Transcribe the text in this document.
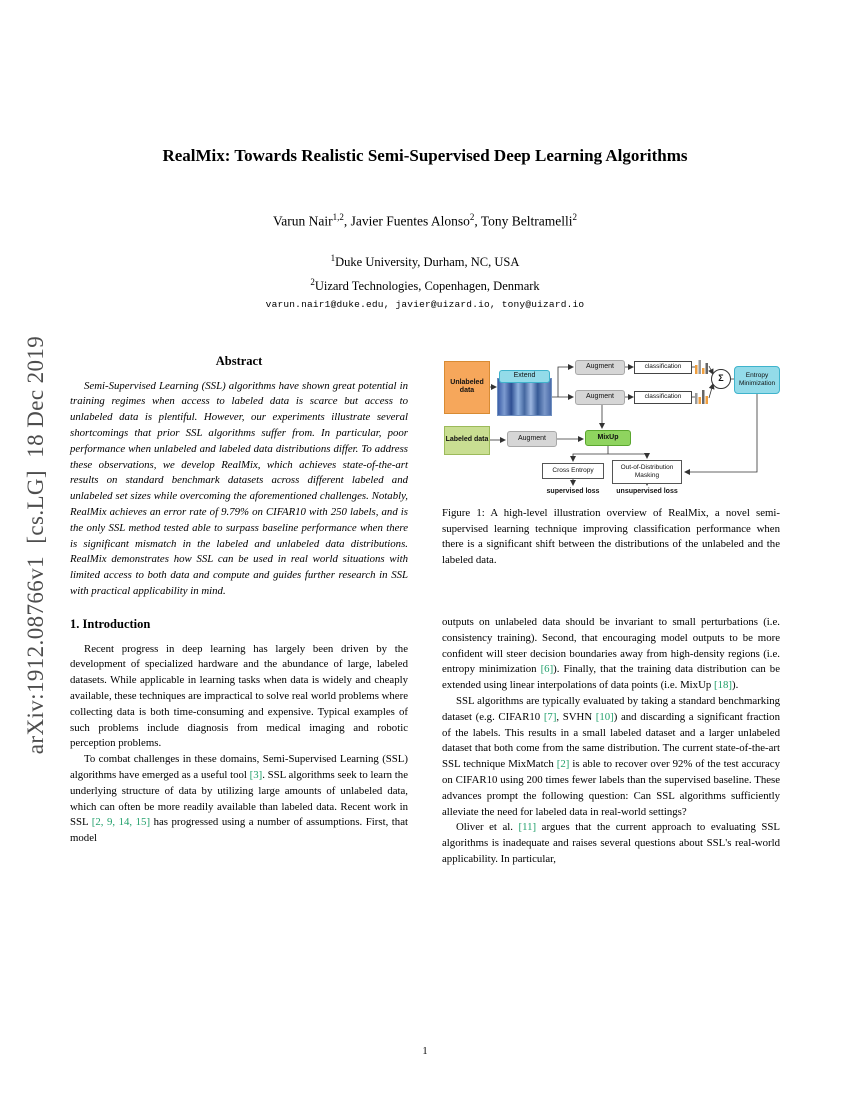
arXiv:1912.08766v1  [cs.LG]  18 Dec 2019
RealMix: Towards Realistic Semi-Supervised Deep Learning Algorithms
Varun Nair$^{1,2}$, Javier Fuentes Alonso$^2$, Tony Beltramelli$^2$
$^1$Duke University, Durham, NC, USA
$^2$Uizard Technologies, Copenhagen, Denmark
varun.nair1@duke.edu, javier@uizard.io, tony@uizard.io
Abstract

Semi-Supervised Learning (SSL) algorithms have shown great potential in training regimes when access to labeled data is scarce but access to unlabeled data is plentiful. However, our experiments illustrate several shortcomings that prior SSL algorithms suffer from. In particular, poor performance when unlabeled and labeled data distributions differ. To address these observations, we develop RealMix, which achieves state-of-the-art results on standard benchmark datasets across different labeled and unlabeled set sizes while overcoming the aforementioned challenges. Notably, RealMix achieves an error rate of 9.79% on CIFAR10 with 250 labels, and is the only SSL method tested able to surpass baseline performance when there is significant mismatch in the labeled and unlabeled data distributions. RealMix demonstrates how SSL can be used in real world situations with limited access to both data and compute and guides further research in SSL with practical applicability in mind.

1. Introduction

Recent progress in deep learning has largely been driven by the development of specialized hardware and the abundance of large, labeled datasets. While applicable in learning tasks when data is widely and cheaply available, these techniques are impractical to solve real world problems where collecting data is both time-consuming and expensive. Typical examples of such problems include diagnosis from medical imaging and robotic perception problems.

To combat challenges in these domains, Semi-Supervised Learning (SSL) algorithms have emerged as a useful tool [3]. SSL algorithms seek to learn the underlying structure of data by utilizing large amounts of unlabeled data, which can often be more readily available than labeled data. Recent work in SSL [2, 9, 14, 15] has progressed using a number of assumptions. First, that model

Unlabeled data
Labeled data
Extend
Augment
Augment
Augment
classification
classification
Σ	Entropy Minimization
MixUp
Cross Entropy	Out-of-Distribution Masking
supervised loss	unsupervised loss

Figure 1: A high-level illustration overview of RealMix, a novel semi-supervised learning technique improving classification performance when there is a significant shift between the distributions of the unlabeled and the labeled data.

outputs on unlabeled data should be invariant to small perturbations (i.e. consistency training). Second, that encouraging model outputs to be more confident will steer decision boundaries away from high-density regions (i.e. entropy minimization [6]). Finally, that the training data distribution can be extended using linear interpolations of data points (i.e. MixUp [18]).

SSL algorithms are typically evaluated by taking a standard benchmarking dataset (e.g. CIFAR10 [7], SVHN [10]) and discarding a significant fraction of the labels. This results in a small labeled dataset and a larger unlabeled dataset that both come from the same distribution. The current state-of-the-art SSL technique MixMatch [2] is able to recover over 92% of the test accuracy on CIFAR10 using 200 times fewer labels than the supervised baseline. These advances prompt the following question: Can SSL algorithms sufficiently alleviate the need for labeled data in real-world settings?

Oliver et al. [11] argues that the current approach to evaluating SSL algorithms is inadequate and raises several questions about SSL's real-world applicability. In particular,

1
